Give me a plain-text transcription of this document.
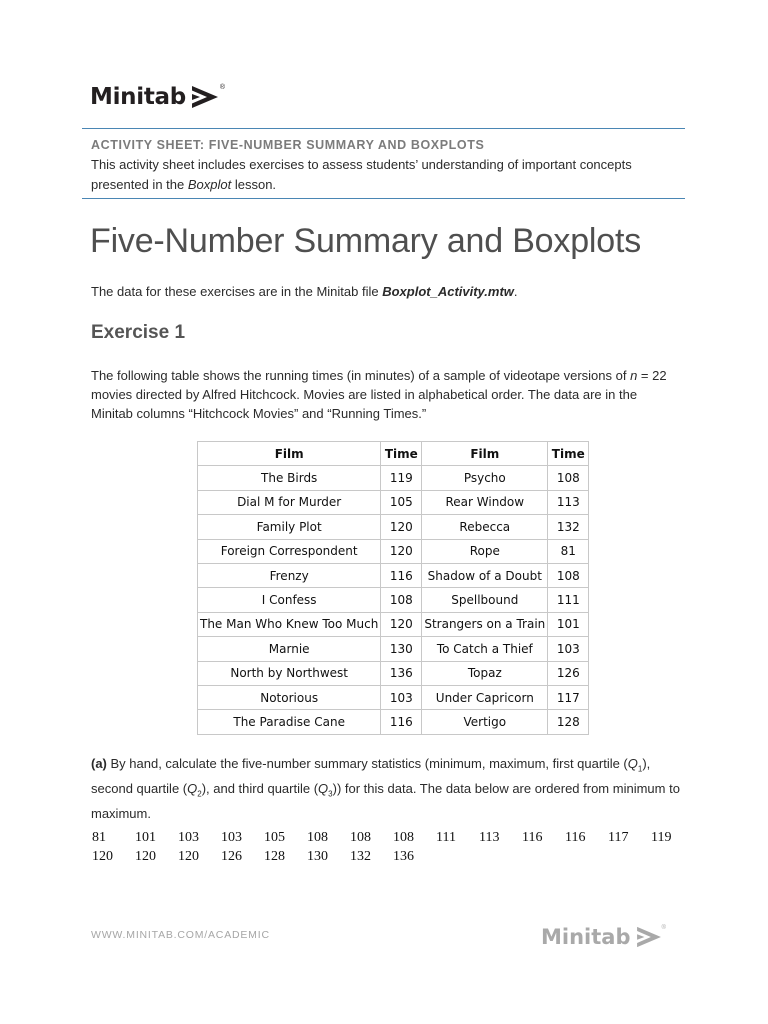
Minitab	®
ACTIVITY SHEET: FIVE-NUMBER SUMMARY AND BOXPLOTS
This activity sheet includes exercises to assess students’ understanding of important concepts presented in the Boxplot lesson.
Five-Number Summary and Boxplots
The data for these exercises are in the Minitab file Boxplot_Activity.mtw.
Exercise 1
The following table shows the running times (in minutes) of a sample of videotape versions of n = 22 movies directed by Alfred Hitchcock. Movies are listed in alphabetical order. The data are in the Minitab columns “Hitchcock Movies” and “Running Times.”
Film	Time	Film	Time
The Birds	119	Psycho	108
Dial M for Murder	105	Rear Window	113
Family Plot	120	Rebecca	132
Foreign Correspondent	120	Rope	81
Frenzy	116	Shadow of a Doubt	108
I Confess	108	Spellbound	111
The Man Who Knew Too Much	120	Strangers on a Train	101
Marnie	130	To Catch a Thief	103
North by Northwest	136	Topaz	126
Notorious	103	Under Capricorn	117
The Paradise Cane	116	Vertigo	128
(a) By hand, calculate the five-number summary statistics (minimum, maximum, first quartile $(Q_1)$, second quartile $(Q_2)$, and third quartile $(Q_3)$) for this data. The data below are ordered from minimum to maximum.
81	101	103	103	105	108	108	108	111	113	116	116	117	119
120	120	120	126	128	130	132	136
WWW.MINITAB.COM/ACADEMIC	Minitab	®
